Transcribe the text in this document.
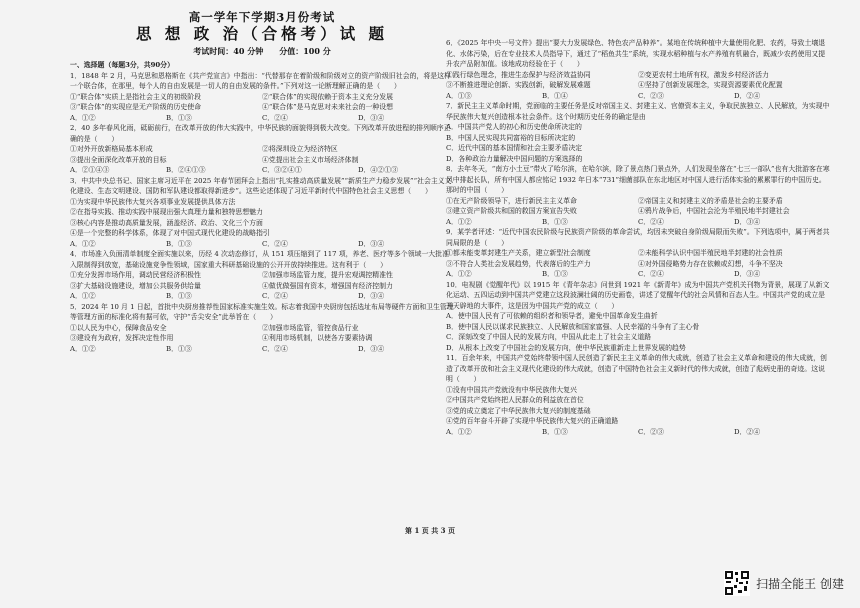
高一学年下学期3月份考试
思 想 政 治（合格考）试 题
考试时间：40 分钟　　分值：100 分
一、选择题（每题3分，共90分）

1．1848 年 2 月，马克思和恩格斯在《共产党宣言》中指出：“代替那存在着阶级和阶级对立的资产阶级旧社会的，将是这样一个联合体，在那里，每个人的自由发展是一切人的自由发展的条件。”下列对这一论断理解正确的是（　　）

①“联合体”实质上是指社会主义的初级阶段	②“联合体”的实现依赖于资本主义充分发展
③“联合体”的实现应是无产阶级的历史使命	④“联合体”是马克思对未来社会的一种设想
A．①②	B．①③	C．②④	D．③④

2．40 多年春风化雨，砥砺前行，在改革开放的伟大实践中，中华民族的面貌得到极大改变。下列改革开放进程的排列顺序正确的是（　　）

①对外开放新格局基本形成	②将深圳设立为经济特区
③提出全面深化改革开放的目标	④党提出社会主义市场经济体制
A．②①④③	B．②④①③	C．③②④①	D．④②①③

3．中共中央总书记、国家主席习近平在 2025 年春节团拜会上指出“扎实推动高质量发展”“新质生产力稳步发展”“社会主义文化建设、生态文明建设、国防和军队建设都取得新进步”。这些论述体现了习近平新时代中国特色社会主义思想（　　）

①为实现中华民族伟大复兴各项事业发展提供具体方法
②在指导实践、推动实践中展现出强大真理力量和独特思想魅力
③核心内容是推动高质量发展，涵盖经济、政治、文化三个方面
④是一个完整的科学体系，体现了对中国式现代化建设的战略指引
A．①②	B．①③	C．②④	D．③④

4．市场准入负面清单制度全面实施以来，历经 4 次动态修订，从 151 项压缩到了 117 项，养老、医疗等多个领域一大批准入限制得到放宽，基础设施竞争性领域，国家重大科研基础设施的公开开放持续推进。这有利于（　　）

①充分发挥市场作用，调动民营经济积极性	②加强市场监管力度，提升宏观调控精准性
③扩大基础设施建设，增加公共服务供给量	④做优做强国有资本，增强国有经济控制力
A．①②	B．①③	C．②④	D．③④

5．2024 年 10 月 1 日起，首批中央厨房推荐性国家标准实施生效。标志着我国中央厨房包括选址布局等硬件方面和卫生管理等管理方面的标准化将有据可依，守护“舌尖安全”此举旨在（　　）

①以人民为中心，保障食品安全	②加强市场监管，管控食品行业
③建设有为政府，发挥决定性作用	④利用市场机制，以使各方要素协调
A．①②	B．①③	C．②④	D．③④

6．《2025 年中央一号文件》提出“要大力发展绿色、特色农产品种养”。某地在传统种植中大量使用化肥、农药，导致土壤退化、水体污染，后在专业技术人员指导下，通过了“稻鱼共生”系统，实现水稻种植与水产养殖有机融合，既减少农药使用又提升农产品附加值。该地成功经验在于（　　）

①践行绿色理念，推进生态保护与经济效益协同	②变更农村土地所有权，激发乡村经济活力
③不断推进理论创新、实践创新，破解发展难题	④坚持了创新发展理念，实现资源要素优化配置
A．①③	B．①④	C．②③	D．②④

7．新民主主义革命时期，党面临的主要任务是反对帝国主义、封建主义、官僚资本主义，争取民族独立、人民解放，为实现中华民族伟大复兴创造根本社会条件。这个时期历史任务的确定是由

A．中国共产党人的初心和历史使命所决定的
B．中国人民实现共同富裕的目标所决定的
C．近代中国的基本国情和社会主要矛盾决定
D．各种政治力量解决中国问题的方案选择的

8．去年冬天，“南方小土豆”带火了哈尔滨，在哈尔滨，除了景点热门景点外，人们发现坐落在“七三一部队”也有大批游客在寒风中排起长队，所有中国人都应铭记 1932 年日本“731”细菌部队在东北地区对中国人进行活体实验的累累罪行的中国历史。那时的中国（　　）

①在无产阶级领导下，进行新民主主义革命	②帝国主义和封建主义的矛盾是社会的主要矛盾
③建立资产阶级共和国的救国方案宣告失败	④鸦片战争后，中国社会沦为半殖民地半封建社会
A．①②	B．①③	C．②④	D．③④

9．某学者评述：“近代中国农民阶级与民族资产阶级的革命尝试，均因未突破自身阶级局限而失败”。下列选项中，属于两者共同局限的是（　　）

①都未能变革封建生产关系，建立新型社会制度	②未能科学认识中国半殖民地半封建的社会性质
③不符合人类社会发展趋势，代表落后的生产力	④对外国侵略势力存在依赖或幻想，斗争不坚决
A．①②	B．①③	C．②④	D．③④

10．电视剧《觉醒年代》以 1915 年《青年杂志》问世到 1921 年《新青年》成为中国共产党机关刊物为背景，展现了从新文化运动、五四运动到中国共产党建立这段波澜壮阔的历史画卷，讲述了觉醒年代的社会风情和百态人生。中国共产党的成立是开天辟地的大事件，这是因为中国共产党的成立（　　）

A．使中国人民有了可依赖的组织者和领导者，避免中国革命发生曲折
B．使中国人民以谋求民族独立、人民解放和国家富强、人民幸福的斗争有了主心骨
C．深刻改变了中国人民的发展方向，中国从此走上了社会主义道路
D．从根本上改变了中国社会的发展方向，使中华民族重新走上世界发展的趋势

11．百余年来，中国共产党始终带领中国人民创造了新民主主义革命的伟大成就，创造了社会主义革命和建设的伟大成就，创造了改革开放和社会主义现代化建设的伟大成就，创造了中国特色社会主义新时代的伟大成就，创造了彪炳史册的奇迹。这说明（　　）

①没有中国共产党就没有中华民族伟大复兴
②中国共产党始终把人民群众的利益放在首位
③党的成立奠定了中华民族伟大复兴的制度基础
④党的百年奋斗开辟了实现中华民族伟大复兴的正确道路
A．①②	B．①③	C．②③	D．②④
第 1 页 共 3 页
扫描全能王 创建
